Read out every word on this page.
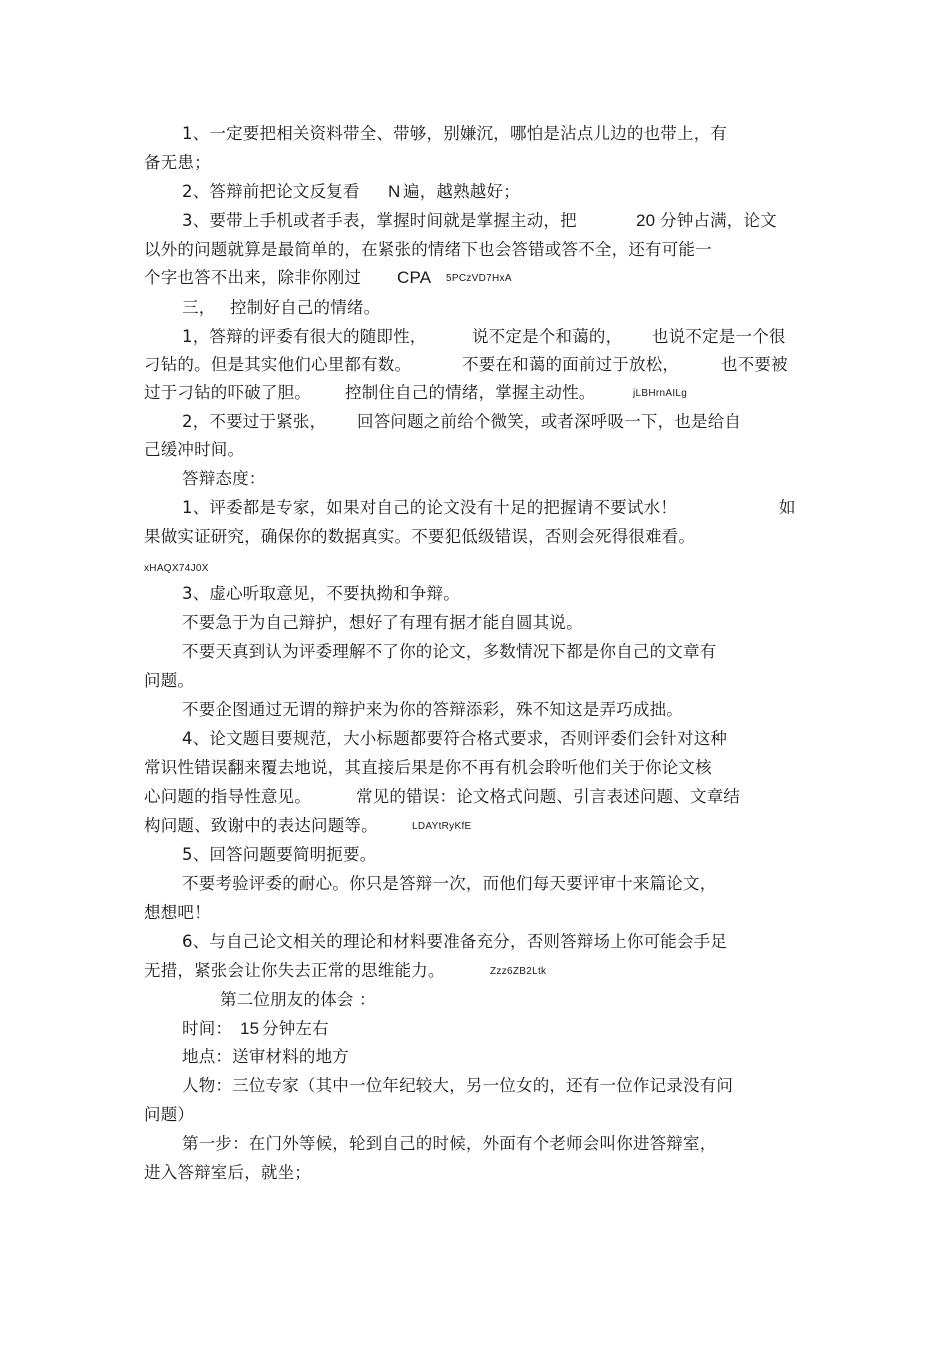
1、一定要把相关资料带全、带够，别嫌沉，哪怕是沾点儿边的也带上，有
备无患；
2、答辩前把论文反复看 N 遍，越熟越好；
3、要带上手机或者手表，掌握时间就是掌握主动，把	20 分钟占满，论文
以外的问题就算是最简单的，在紧张的情绪下也会答错或答不全，还有可能一
个字也答不出来，除非你刚过 CPA 5PCzVD7HxA
三， 控制好自己的情绪。
1，答辩的评委有很大的随即性，	说不定是个和蔼的， 也说不定是一个很
刁钻的。但是其实他们心里都有数。	不要在和蔼的面前过于放松，	也不要被
过于刁钻的吓破了胆。 控制住自己的情绪，掌握主动性。	jLBHrnAILg
2，不要过于紧张， 回答问题之前给个微笑，或者深呼吸一下，也是给自
己缓冲时间。
答辩态度：
1、评委都是专家，如果对自己的论文没有十足的把握请不要试水！	如
果做实证研究，确保你的数据真实。不要犯低级错误，否则会死得很难看。
xHAQX74J0X
3、虚心听取意见，不要执拗和争辩。
不要急于为自己辩护，想好了有理有据才能自圆其说。
不要天真到认为评委理解不了你的论文，多数情况下都是你自己的文章有
问题。
不要企图通过无谓的辩护来为你的答辩添彩，殊不知这是弄巧成拙。
4、论文题目要规范，大小标题都要符合格式要求，否则评委们会针对这种
常识性错误翻来覆去地说，其直接后果是你不再有机会聆听他们关于你论文核
心问题的指导性意见。	常见的错误：论文格式问题、引言表述问题、文章结
构问题、致谢中的表达问题等。	LDAYtRyKfE
5、回答问题要简明扼要。
不要考验评委的耐心。你只是答辩一次，而他们每天要评审十来篇论文，
想想吧！
6、与自己论文相关的理论和材料要准备充分，否则答辩场上你可能会手足
无措，紧张会让你失去正常的思维能力。	Zzz6ZB2Ltk
第二位朋友的体会 ：
时间： 15 分钟左右
地点：送审材料的地方
人物：三位专家（其中一位年纪较大，另一位女的，还有一位作记录没有问
问题）
第一步：在门外等候，轮到自己的时候，外面有个老师会叫你进答辩室，
进入答辩室后，就坐；
